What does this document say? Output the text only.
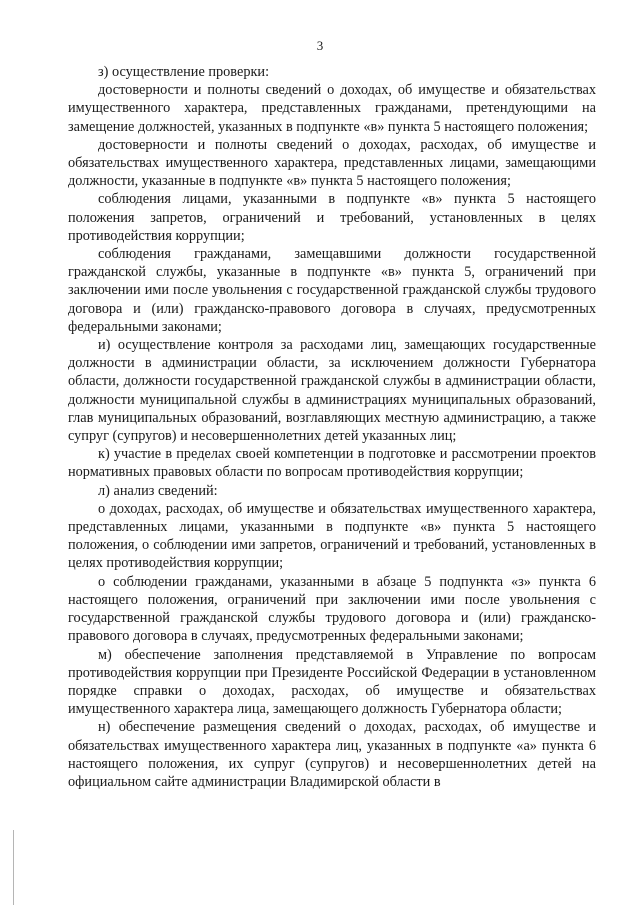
3

з) осуществление проверки:

достоверности и полноты сведений о доходах, об имуществе и обязательствах имущественного характера, представленных гражданами, претендующими на замещение должностей, указанных в подпункте «в» пункта 5 настоящего положения;

достоверности и полноты сведений о доходах, расходах, об имуществе и обязательствах имущественного характера, представленных лицами, замещающими должности, указанные в подпункте «в» пункта 5 настоящего положения;

соблюдения лицами, указанными в подпункте «в» пункта 5 настоящего положения запретов, ограничений и требований, установленных в целях противодействия коррупции;

соблюдения гражданами, замещавшими должности государственной гражданской службы, указанные в подпункте «в» пункта 5, ограничений при заключении ими после увольнения с государственной гражданской службы трудового договора и (или) гражданско-правового договора в случаях, предусмотренных федеральными законами;

и) осуществление контроля за расходами лиц, замещающих государственные должности в администрации области, за исключением должности Губернатора области, должности государственной гражданской службы в администрации области, должности муниципальной службы в администрациях муниципальных образований, глав муниципальных образований, возглавляющих местную администрацию, а также супруг (супругов) и несовершеннолетних детей указанных лиц;

к) участие в пределах своей компетенции в подготовке и рассмотрении проектов нормативных правовых области по вопросам противодействия коррупции;

л) анализ сведений:

о доходах, расходах, об имуществе и обязательствах имущественного характера, представленных лицами, указанными в подпункте «в» пункта 5 настоящего положения, о соблюдении ими запретов, ограничений и требований, установленных в целях противодействия коррупции;

о соблюдении гражданами, указанными в абзаце 5 подпункта «з» пункта 6 настоящего положения, ограничений при заключении ими после увольнения с государственной гражданской службы трудового договора и (или) гражданско-правового договора в случаях, предусмотренных федеральными законами;

м) обеспечение заполнения представляемой в Управление по вопросам противодействия коррупции при Президенте Российской Федерации в установленном порядке справки о доходах, расходах, об имуществе и обязательствах имущественного характера лица, замещающего должность Губернатора области;

н) обеспечение размещения сведений о доходах, расходах, об имуществе и обязательствах имущественного характера лиц, указанных в подпункте «а» пункта 6 настоящего положения, их супруг (супругов) и несовершеннолетних детей на официальном сайте администрации Владимирской области в
